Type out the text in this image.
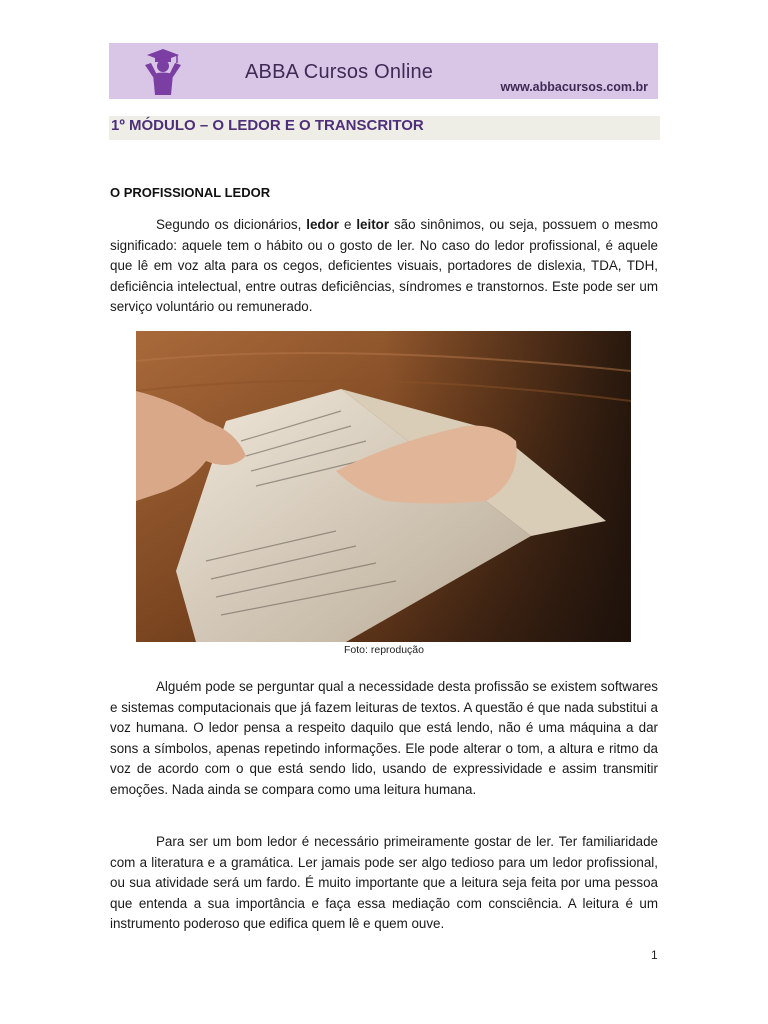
ABBA Cursos Online
www.abbacursos.com.br
1º MÓDULO – O LEDOR E O TRANSCRITOR
O PROFISSIONAL LEDOR
Segundo os dicionários, ledor e leitor são sinônimos, ou seja, possuem o mesmo significado: aquele tem o hábito ou o gosto de ler. No caso do ledor profissional, é aquele que lê em voz alta para os cegos, deficientes visuais, portadores de dislexia, TDA, TDH, deficiência intelectual, entre outras deficiências, síndromes e transtornos. Este pode ser um serviço voluntário ou remunerado.
Foto: reprodução
Alguém pode se perguntar qual a necessidade desta profissão se existem softwares e sistemas computacionais que já fazem leituras de textos. A questão é que nada substitui a voz humana. O ledor pensa a respeito daquilo que está lendo, não é uma máquina a dar sons a símbolos, apenas repetindo informações. Ele pode alterar o tom, a altura e ritmo da voz de acordo com o que está sendo lido, usando de expressividade e assim transmitir emoções. Nada ainda se compara como uma leitura humana.
Para ser um bom ledor é necessário primeiramente gostar de ler. Ter familiaridade com a literatura e a gramática. Ler jamais pode ser algo tedioso para um ledor profissional, ou sua atividade será um fardo. É muito importante que a leitura seja feita por uma pessoa que entenda a sua importância e faça essa mediação com consciência. A leitura é um instrumento poderoso que edifica quem lê e quem ouve.
1
